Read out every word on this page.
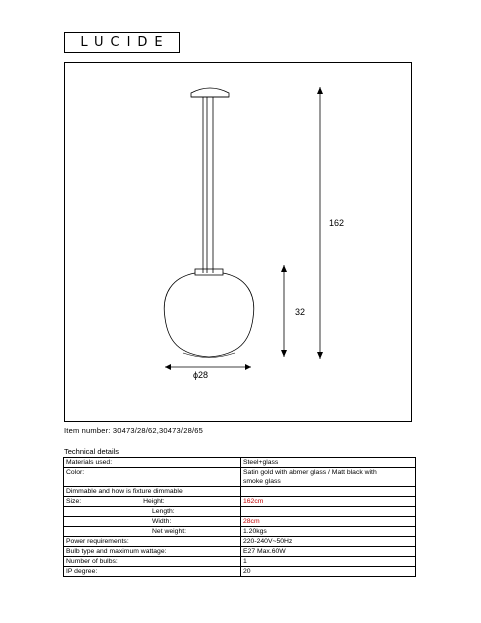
LUCIDE
162
32
ϕ28
Item number: 30473/28/62,30473/28/65
Technical details
Materials used:	Steel+glass
Color:	Satin gold with abmer glass / Matt black with
smoke glass

Dimmable and how is fixture dimmable	
Size: Height:	162cm
Length:	
Width:	28cm
Net weight:	1.20kgs
Power requirements:	220-240V~50Hz
Bulb type and maximum wattage:	E27 Max.60W
Number of bulbs:	1
IP degree:	20
